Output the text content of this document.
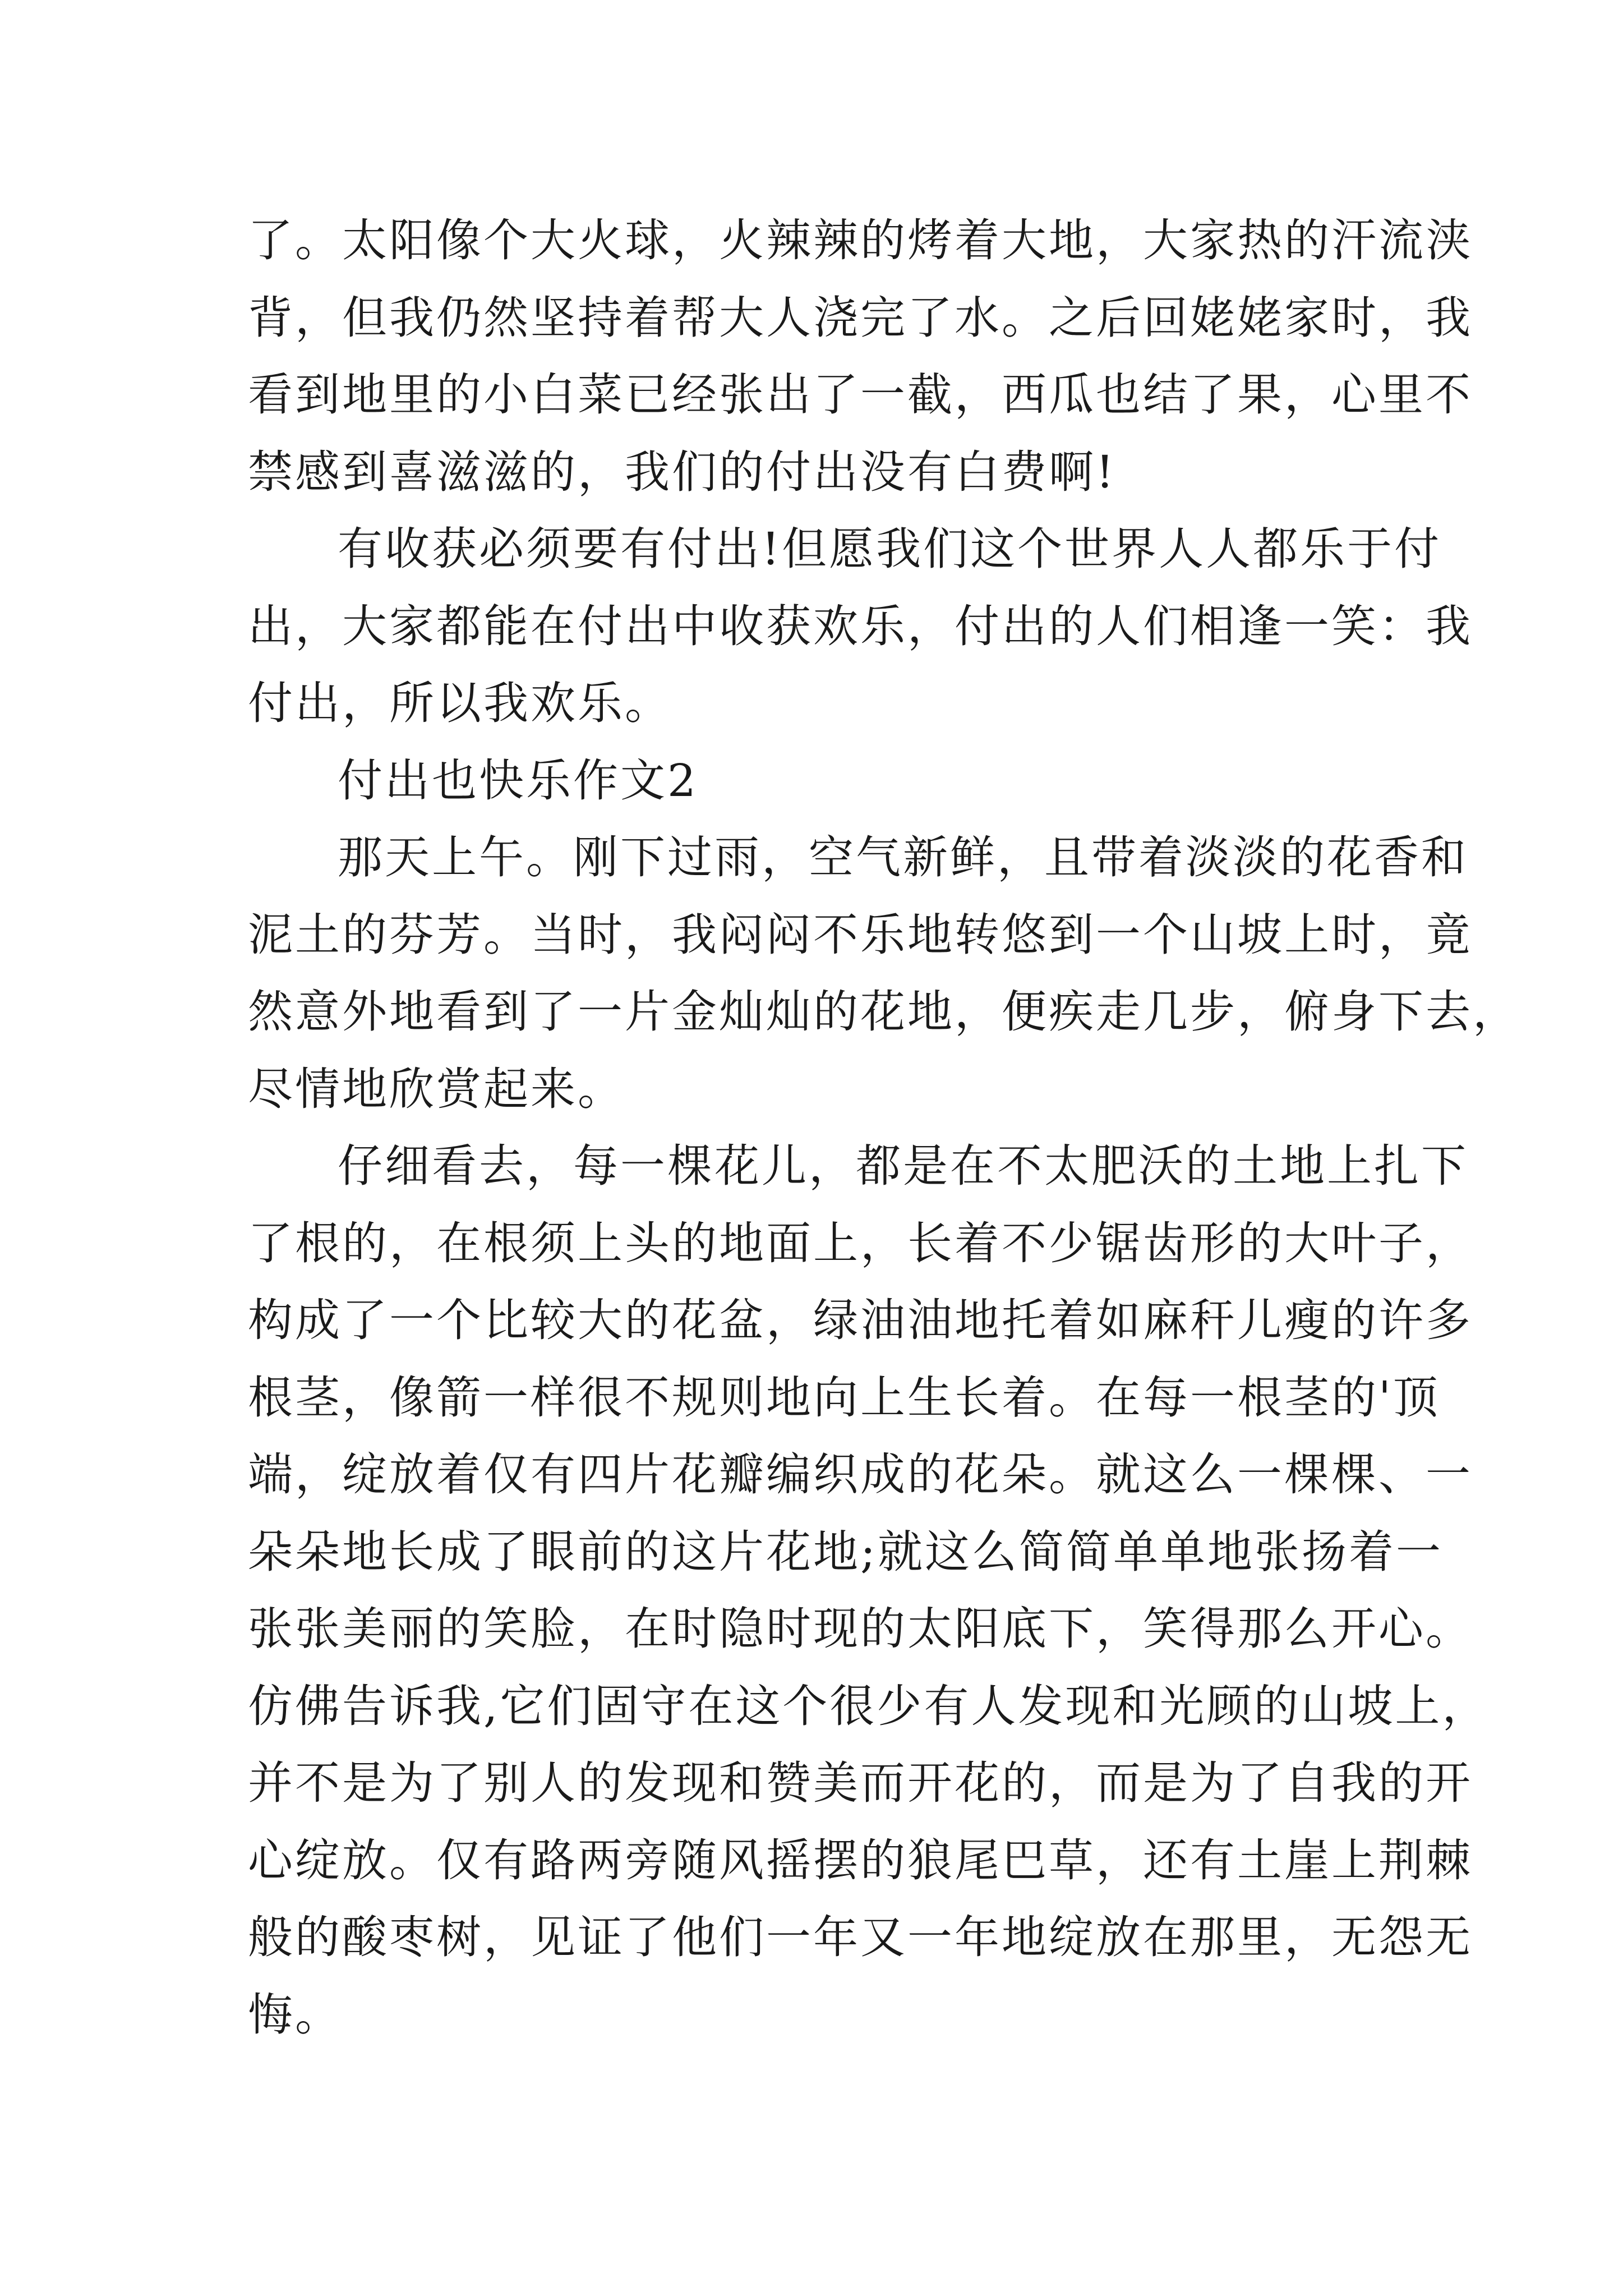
了。太阳像个大火球，火辣辣的烤着大地，大家热的汗流浃
背，但我仍然坚持着帮大人浇完了水。之后回姥姥家时，我
看到地里的小白菜已经张出了一截，西瓜也结了果，心里不
禁感到喜滋滋的，我们的付出没有白费啊!
有收获必须要有付出!但愿我们这个世界人人都乐于付
出，大家都能在付出中收获欢乐，付出的人们相逢一笑：我
付出，所以我欢乐。
付出也快乐作文2
那天上午。刚下过雨，空气新鲜，且带着淡淡的花香和
泥土的芬芳。当时，我闷闷不乐地转悠到一个山坡上时，竟
然意外地看到了一片金灿灿的花地，便疾走几步，俯身下去，
尽情地欣赏起来。
仔细看去，每一棵花儿，都是在不太肥沃的土地上扎下
了根的，在根须上头的地面上，长着不少锯齿形的大叶子，
构成了一个比较大的花盆，绿油油地托着如麻秆儿瘦的许多
根茎，像箭一样很不规则地向上生长着。在每一根茎的'顶
端，绽放着仅有四片花瓣编织成的花朵。就这么一棵棵、一
朵朵地长成了眼前的这片花地;就这么简简单单地张扬着一
张张美丽的笑脸，在时隐时现的太阳底下，笑得那么开心。
仿佛告诉我,它们固守在这个很少有人发现和光顾的山坡上，
并不是为了别人的发现和赞美而开花的，而是为了自我的开
心绽放。仅有路两旁随风摇摆的狼尾巴草，还有土崖上荆棘
般的酸枣树，见证了他们一年又一年地绽放在那里，无怨无
悔。
